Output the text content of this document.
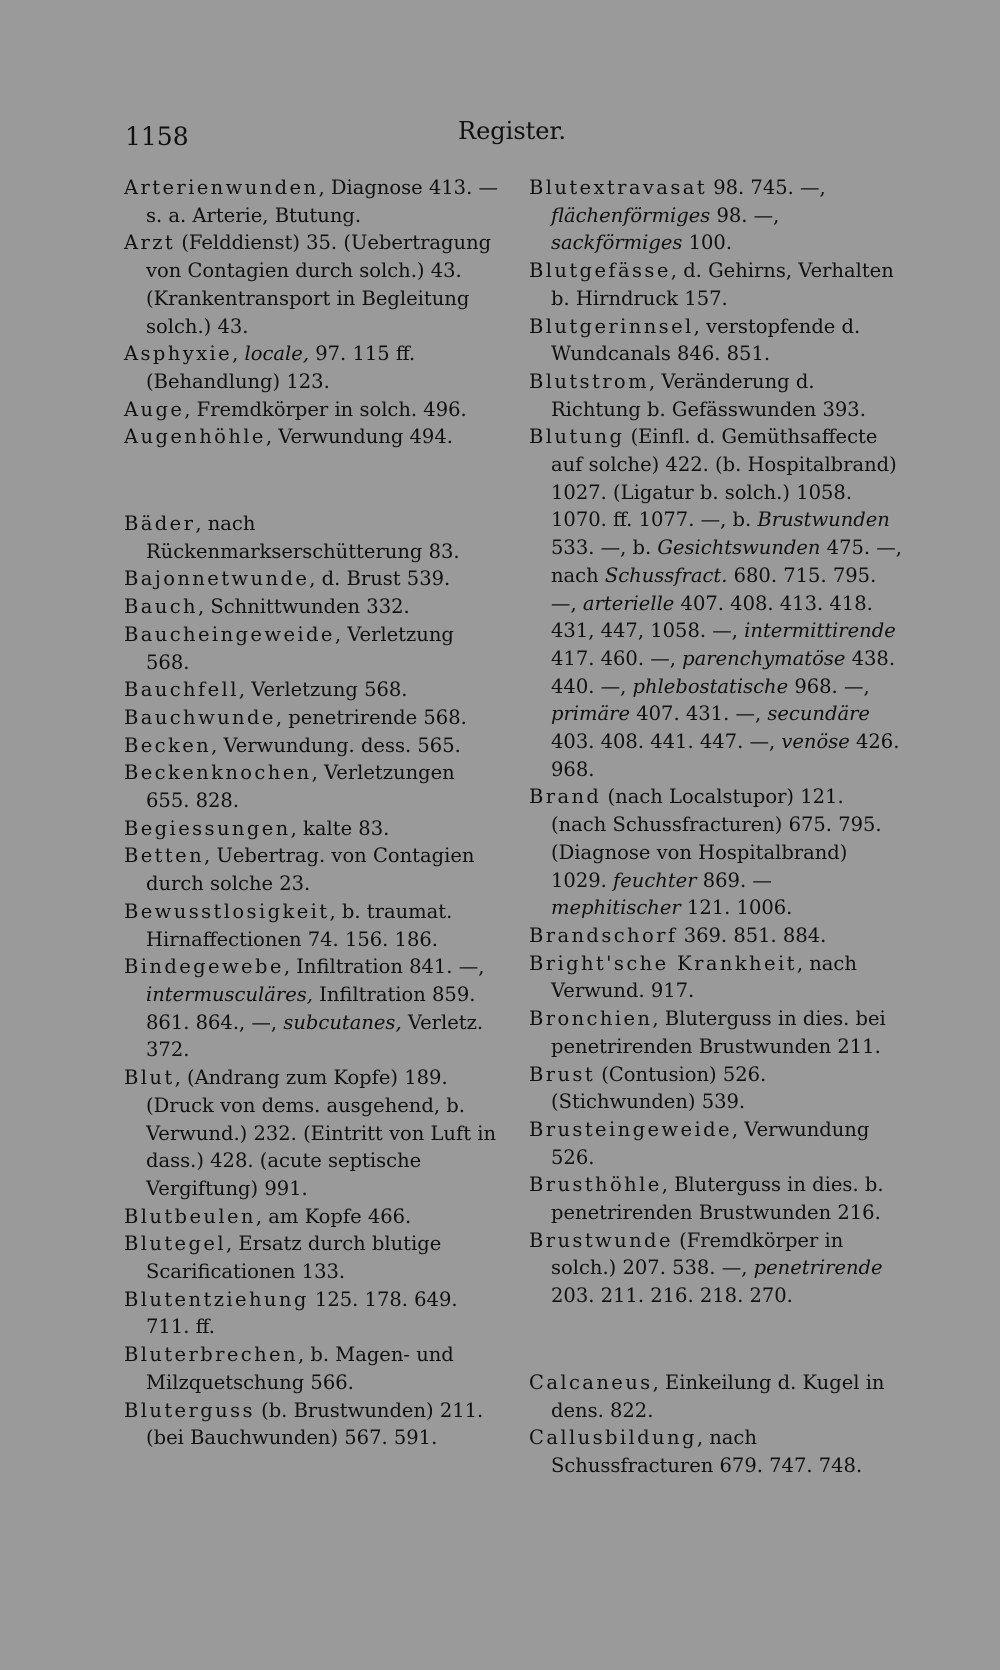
1158	Register.

Arterienwunden, Diagnose 413. — s. a. Arterie, Btutung.

Arzt (Felddienst) 35. (Uebertragung von Contagien durch solch.) 43. (Krankentransport in Begleitung solch.) 43.

Asphyxie, locale, 97. 115 ff. (Behandlung) 123.

Auge, Fremdkörper in solch. 496.

Augenhöhle, Verwundung 494.

Bäder, nach Rückenmarkserschütterung 83.

Bajonnetwunde, d. Brust 539.

Bauch, Schnittwunden 332.

Baucheingeweide, Verletzung 568.

Bauchfell, Verletzung 568.

Bauchwunde, penetrirende 568.

Becken, Verwundung. dess. 565.

Beckenknochen, Verletzungen 655. 828.

Begiessungen, kalte 83.

Betten, Uebertrag. von Contagien durch solche 23.

Bewusstlosigkeit, b. traumat. Hirnaffectionen 74. 156. 186.

Bindegewebe, Infiltration 841. —, intermusculäres, Infiltration 859. 861. 864., —, subcutanes, Verletz. 372.

Blut, (Andrang zum Kopfe) 189. (Druck von dems. ausgehend, b. Verwund.) 232. (Eintritt von Luft in dass.) 428. (acute septische Vergiftung) 991.

Blutbeulen, am Kopfe 466.

Blutegel, Ersatz durch blutige Scarificationen 133.

Blutentziehung 125. 178. 649. 711. ff.

Bluterbrechen, b. Magen- und Milzquetschung 566.

Bluterguss (b. Brustwunden) 211. (bei Bauchwunden) 567. 591.

Blutextravasat 98. 745. —, flächenförmiges 98. —, sackförmiges 100.

Blutgefässe, d. Gehirns, Verhalten b. Hirndruck 157.

Blutgerinnsel, verstopfende d. Wundcanals 846. 851.

Blutstrom, Veränderung d. Richtung b. Gefässwunden 393.

Blutung (Einfl. d. Gemüthsaffecte auf solche) 422. (b. Hospitalbrand) 1027. (Ligatur b. solch.) 1058. 1070. ff. 1077. —, b. Brustwunden 533. —, b. Gesichtswunden 475. —, nach Schussfract. 680. 715. 795. —, arterielle 407. 408. 413. 418. 431, 447, 1058. —, intermittirende 417. 460. —, parenchymatöse 438. 440. —, phlebostatische 968. —, primäre 407. 431. —, secundäre 403. 408. 441. 447. —, venöse 426. 968.

Brand (nach Localstupor) 121. (nach Schussfracturen) 675. 795. (Diagnose von Hospitalbrand) 1029. feuchter 869. — mephitischer 121. 1006.

Brandschorf 369. 851. 884.

Bright'sche Krankheit, nach Verwund. 917.

Bronchien, Bluterguss in dies. bei penetrirenden Brustwunden 211.

Brust (Contusion) 526. (Stichwunden) 539.

Brusteingeweide, Verwundung 526.

Brusthöhle, Bluterguss in dies. b. penetrirenden Brustwunden 216.

Brustwunde (Fremdkörper in solch.) 207. 538. —, penetrirende 203. 211. 216. 218. 270.

Calcaneus, Einkeilung d. Kugel in dens. 822.

Callusbildung, nach Schussfracturen 679. 747. 748.
